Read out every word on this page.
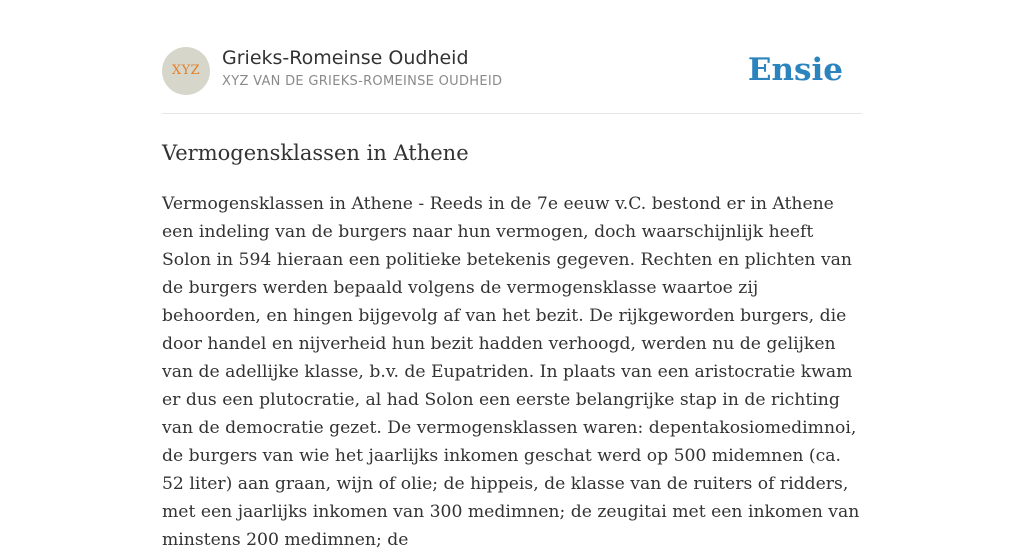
XYZ
Grieks-Romeinse Oudheid
XYZ VAN DE GRIEKS-ROMEINSE OUDHEID	Ensie
Vermogensklassen in Athene

Vermogensklassen in Athene - Reeds in de 7e eeuw v.C. bestond er in Athene een indeling van de burgers naar hun vermogen, doch waarschijnlijk heeft Solon in 594 hieraan een politieke betekenis gegeven. Rechten en plichten van de burgers werden bepaald volgens de vermogensklasse waartoe zij behoorden, en hingen bijgevolg af van het bezit. De rijkgeworden burgers, die door handel en nijverheid hun bezit hadden verhoogd, werden nu de gelijken van de adellijke klasse, b.v. de Eupatriden. In plaats van een aristocratie kwam er dus een plutocratie, al had Solon een eerste belangrijke stap in de richting van de democratie gezet. De vermogensklassen waren: depentakosiomedimnoi, de burgers van wie het jaarlijks inkomen geschat werd op 500 midemnen (ca. 52 liter) aan graan, wijn of olie; de hippeis, de klasse van de ruiters of ridders, met een jaarlijks inkomen van 300 medimnen; de zeugitai met een inkomen van minstens 200 medimnen; de
